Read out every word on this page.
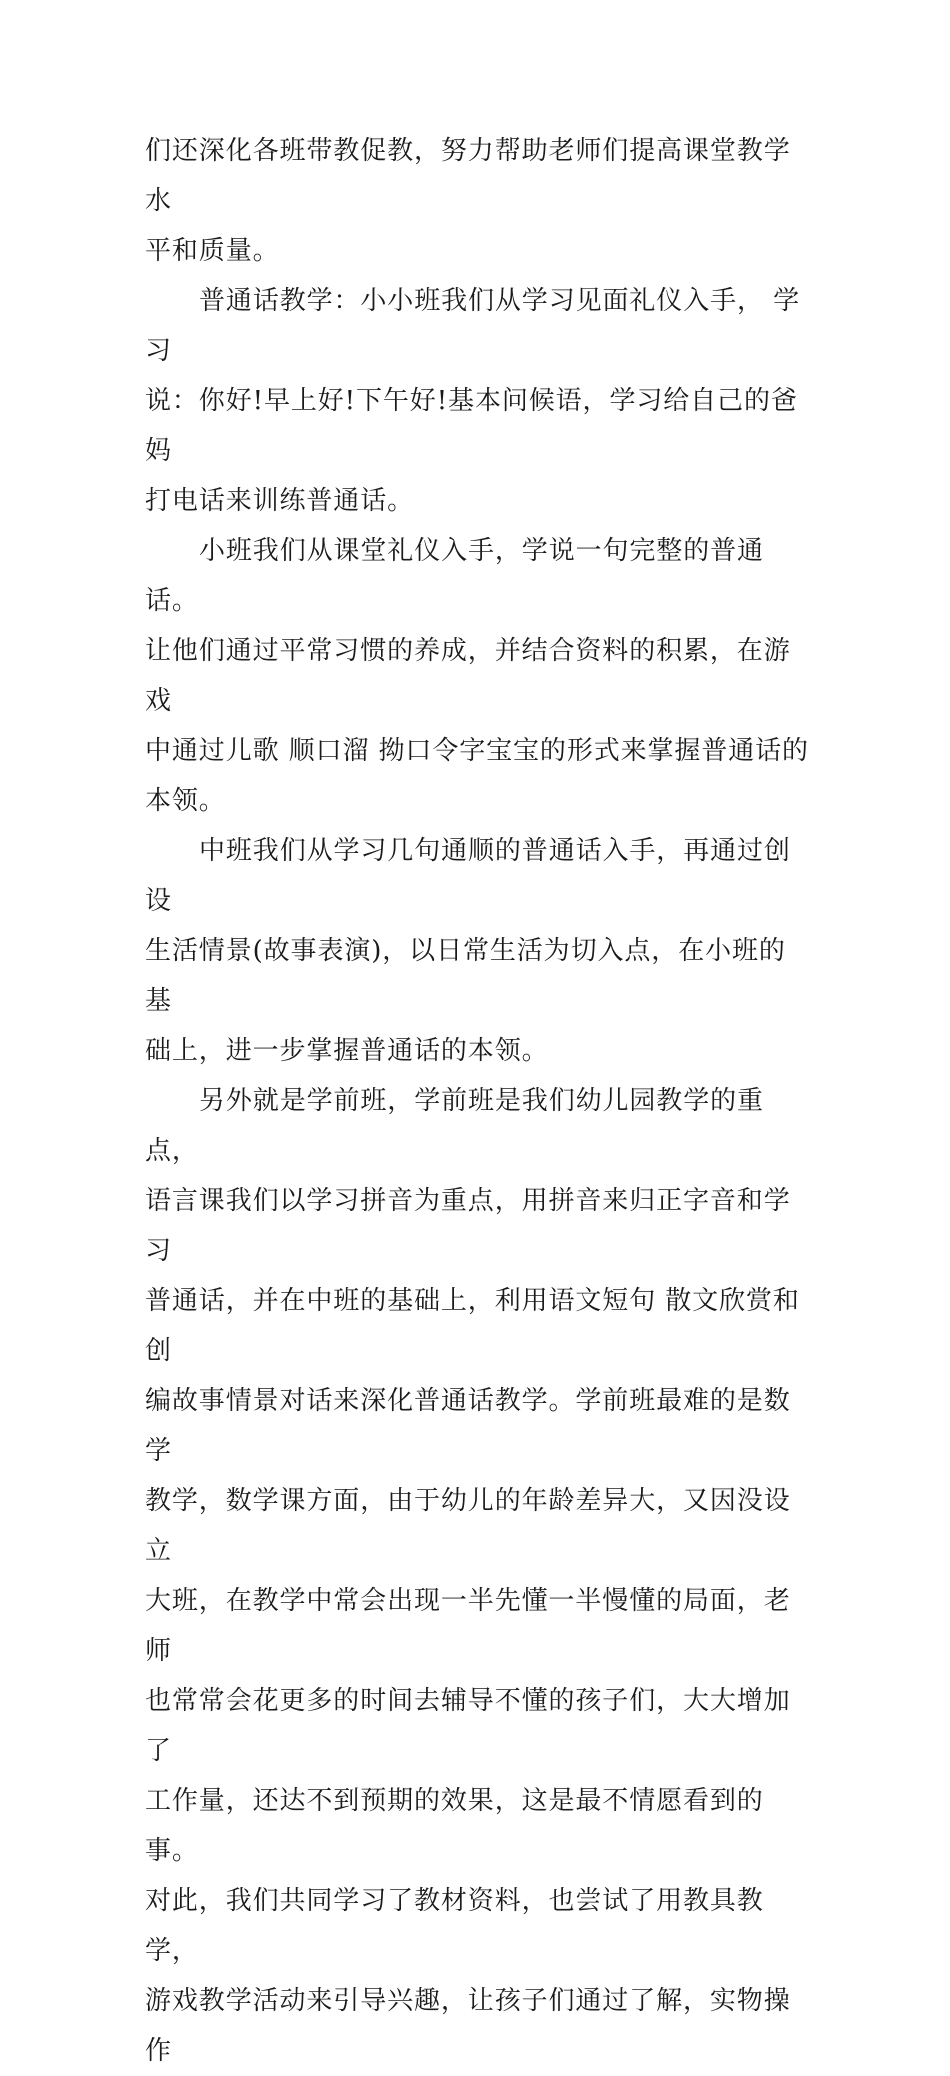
们还深化各班带教促教，努力帮助老师们提高课堂教学水
平和质量。

普通话教学：小小班我们从学习见面礼仪入手， 学习
说：你好!早上好!下午好!基本问候语，学习给自己的爸妈
打电话来训练普通话。

小班我们从课堂礼仪入手，学说一句完整的普通话。
让他们通过平常习惯的养成，并结合资料的积累，在游戏
中通过儿歌 顺口溜 拗口令字宝宝的形式来掌握普通话的
本领。

中班我们从学习几句通顺的普通话入手，再通过创设
生活情景(故事表演)，以日常生活为切入点，在小班的基
础上，进一步掌握普通话的本领。

另外就是学前班，学前班是我们幼儿园教学的重点，
语言课我们以学习拼音为重点，用拼音来归正字音和学习
普通话，并在中班的基础上，利用语文短句 散文欣赏和创
编故事情景对话来深化普通话教学。学前班最难的是数学
教学，数学课方面，由于幼儿的年龄差异大，又因没设立
大班，在教学中常会出现一半先懂一半慢懂的局面，老师
也常常会花更多的时间去辅导不懂的孩子们，大大增加了
工作量，还达不到预期的效果，这是最不情愿看到的事。
对此，我们共同学习了教材资料，也尝试了用教具教学，
游戏教学活动来引导兴趣，让孩子们通过了解，实物操作
